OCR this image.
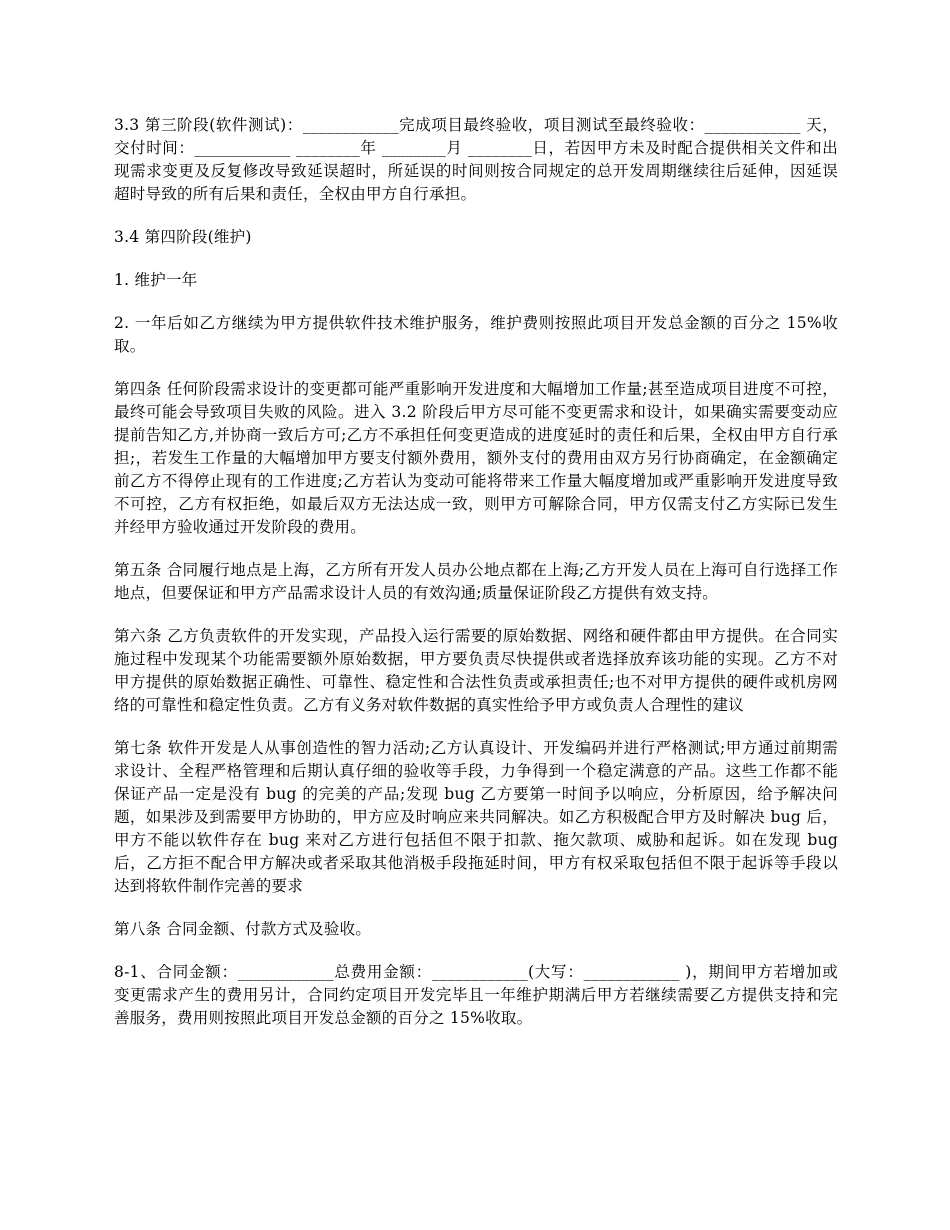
3.3 第三阶段(软件测试)：____________完成项目最终验收，项目测试至最终验收：____________ 天，交付时间：____________ ________年 ________月 ________日，若因甲方未及时配合提供相关文件和出现需求变更及反复修改导致延误超时，所延误的时间则按合同规定的总开发周期继续往后延伸，因延误超时导致的所有后果和责任，全权由甲方自行承担。

3.4 第四阶段(维护)

1. 维护一年

2. 一年后如乙方继续为甲方提供软件技术维护服务，维护费则按照此项目开发总金额的百分之 15%收取。

第四条 任何阶段需求设计的变更都可能严重影响开发进度和大幅增加工作量;甚至造成项目进度不可控，最终可能会导致项目失败的风险。进入 3.2 阶段后甲方尽可能不变更需求和设计，如果确实需要变动应提前告知乙方,并协商一致后方可;乙方不承担任何变更造成的进度延时的责任和后果，全权由甲方自行承担;，若发生工作量的大幅增加甲方要支付额外费用，额外支付的费用由双方另行协商确定，在金额确定前乙方不得停止现有的工作进度;乙方若认为变动可能将带来工作量大幅度增加或严重影响开发进度导致不可控，乙方有权拒绝，如最后双方无法达成一致，则甲方可解除合同，甲方仅需支付乙方实际已发生并经甲方验收通过开发阶段的费用。

第五条 合同履行地点是上海，乙方所有开发人员办公地点都在上海;乙方开发人员在上海可自行选择工作地点，但要保证和甲方产品需求设计人员的有效沟通;质量保证阶段乙方提供有效支持。

第六条 乙方负责软件的开发实现，产品投入运行需要的原始数据、网络和硬件都由甲方提供。在合同实施过程中发现某个功能需要额外原始数据，甲方要负责尽快提供或者选择放弃该功能的实现。乙方不对甲方提供的原始数据正确性、可靠性、稳定性和合法性负责或承担责任;也不对甲方提供的硬件或机房网络的可靠性和稳定性负责。乙方有义务对软件数据的真实性给予甲方或负责人合理性的建议

第七条 软件开发是人从事创造性的智力活动;乙方认真设计、开发编码并进行严格测试;甲方通过前期需求设计、全程严格管理和后期认真仔细的验收等手段，力争得到一个稳定满意的产品。这些工作都不能保证产品一定是没有 bug 的完美的产品;发现 bug 乙方要第一时间予以响应，分析原因，给予解决问题，如果涉及到需要甲方协助的，甲方应及时响应来共同解决。如乙方积极配合甲方及时解决 bug 后，甲方不能以软件存在 bug 来对乙方进行包括但不限于扣款、拖欠款项、威胁和起诉。如在发现 bug 后，乙方拒不配合甲方解决或者采取其他消极手段拖延时间，甲方有权采取包括但不限于起诉等手段以达到将软件制作完善的要求

第八条 合同金额、付款方式及验收。

8-1、合同金额：____________总费用金额：____________(大写：____________ )，期间甲方若增加或变更需求产生的费用另计，合同约定项目开发完毕且一年维护期满后甲方若继续需要乙方提供支持和完善服务，费用则按照此项目开发总金额的百分之 15%收取。
